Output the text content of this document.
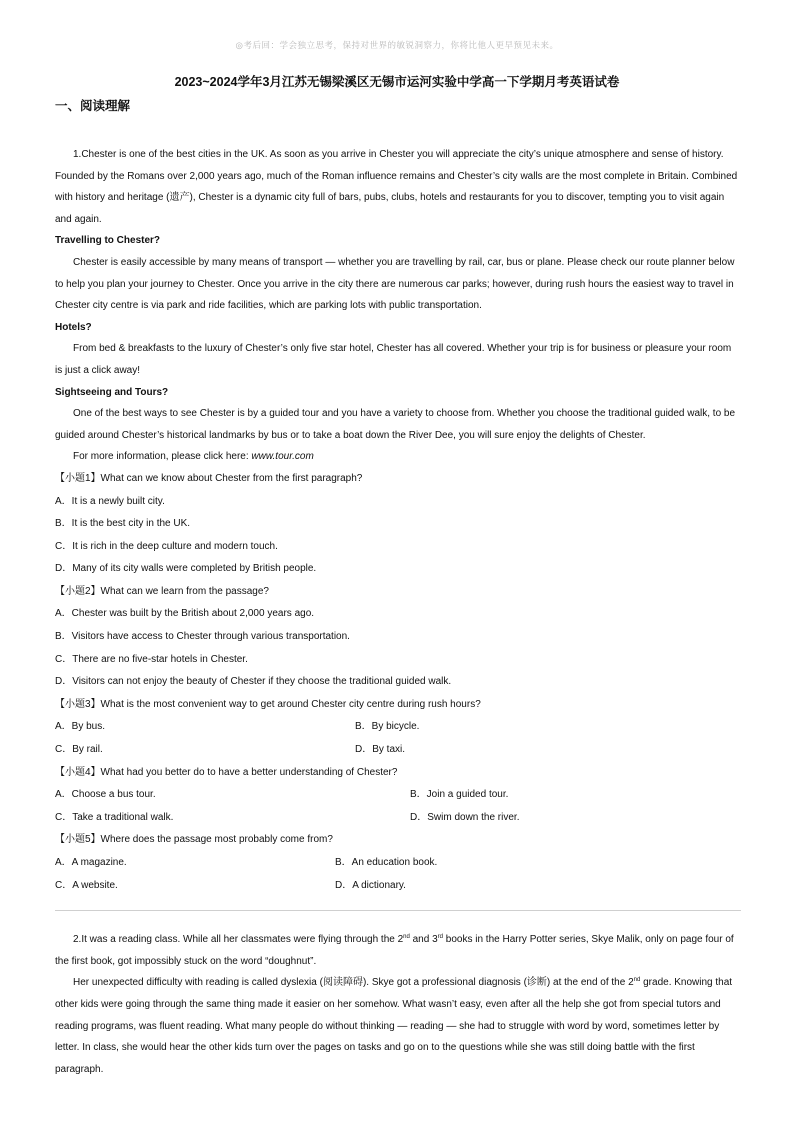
◎考后回：学会独立思考，保持对世界的敏锐洞察力，你将比他人更早预见未来。
2023~2024学年3月江苏无锡梁溪区无锡市运河实验中学高一下学期月考英语试卷
一、阅读理解

1.Chester is one of the best cities in the UK. As soon as you arrive in Chester you will appreciate the city’s unique atmosphere and sense of history. Founded by the Romans over 2,000 years ago, much of the Roman influence remains and Chester’s city walls are the most complete in Britain. Combined with history and heritage (遗产), Chester is a dynamic city full of bars, pubs, clubs, hotels and restaurants for you to discover, tempting you to visit again and again.

Travelling to Chester?

Chester is easily accessible by many means of transport — whether you are travelling by rail, car, bus or plane. Please check our route planner below to help you plan your journey to Chester. Once you arrive in the city there are numerous car parks; however, during rush hours the easiest way to travel in Chester city centre is via park and ride facilities, which are parking lots with public transportation.

Hotels?

From bed & breakfasts to the luxury of Chester’s only five star hotel, Chester has all covered. Whether your trip is for business or pleasure your room is just a click away!

Sightseeing and Tours?

One of the best ways to see Chester is by a guided tour and you have a variety to choose from. Whether you choose the traditional guided walk, to be guided around Chester’s historical landmarks by bus or to take a boat down the River Dee, you will sure enjoy the delights of Chester.

For more information, please click here: www.tour.com

【小题1】What can we know about Chester from the first paragraph?

A．It is a newly built city.

B．It is the best city in the UK.

C．It is rich in the deep culture and modern touch.

D．Many of its city walls were completed by British people.

【小题2】What can we learn from the passage?

A．Chester was built by the British about 2,000 years ago.

B．Visitors have access to Chester through various transportation.

C．There are no five-star hotels in Chester.

D．Visitors can not enjoy the beauty of Chester if they choose the traditional guided walk.

【小题3】What is the most convenient way to get around Chester city centre during rush hours?

A．By bus.	B．By bicycle.
C．By rail.	D．By taxi.

【小题4】What had you better do to have a better understanding of Chester?

A．Choose a bus tour.	B．Join a guided tour.
C．Take a traditional walk.	D．Swim down the river.

【小题5】Where does the passage most probably come from?

A．A magazine.	B．An education book.
C．A website.	D．A dictionary.

2.It was a reading class. While all her classmates were flying through the 2nd and 3rd books in the Harry Potter series, Skye Malik, only on page four of the first book, got impossibly stuck on the word “doughnut”.

Her unexpected difficulty with reading is called dyslexia (阅读障碍). Skye got a professional diagnosis (诊断) at the end of the 2nd grade. Knowing that other kids were going through the same thing made it easier on her somehow. What wasn’t easy, even after all the help she got from special tutors and reading programs, was fluent reading. What many people do without thinking — reading — she had to struggle with word by word, sometimes letter by letter. In class, she would hear the other kids turn over the pages on tasks and go on to the questions while she was still doing battle with the first paragraph.
